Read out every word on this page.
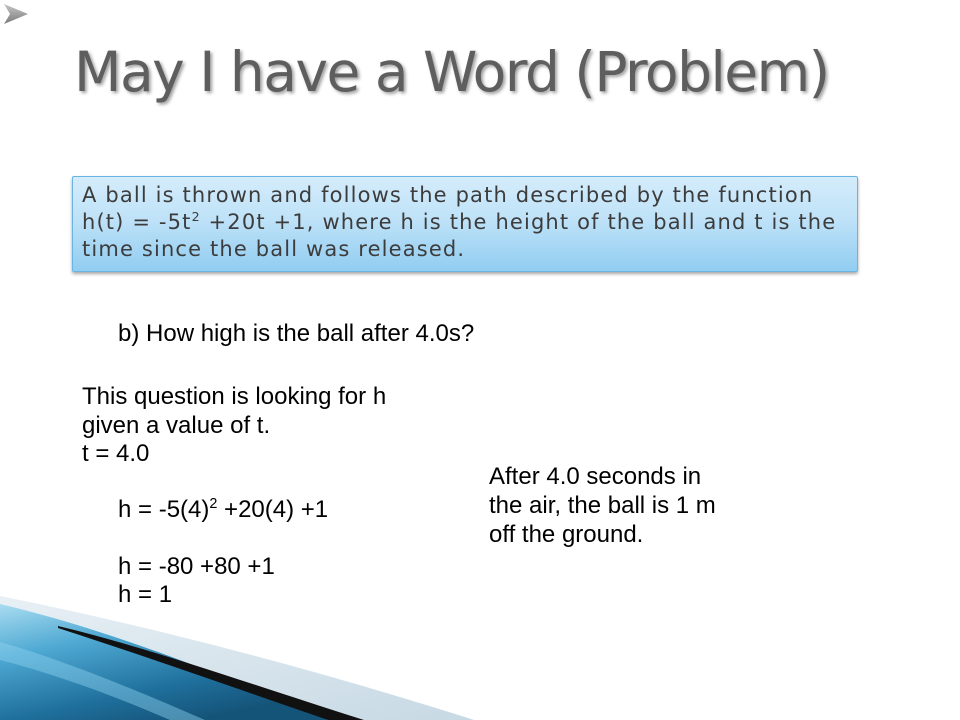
May I have a Word (Problem)
A ball is thrown and follows the path described by the function
$h(t) = -5t^2 +20t +1$, where h is the height of the ball and t is the
time since the ball was released.
b) How high is the ball after 4.0s?
This question is looking for h
given a value of t.
t = 4.0
$h = -5(4)^2 +20(4) +1$
h = -80 +80 +1
h = 1
After 4.0 seconds in
the air, the ball is 1 m
off the ground.
